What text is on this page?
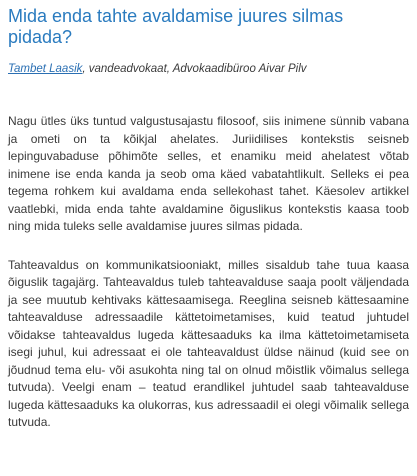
Mida enda tahte avaldamise juures silmas pidada?

Tambet Laasik, vandeadvokaat, Advokaadibüroo Aivar Pilv

Nagu ütles üks tuntud valgustusajastu filosoof, siis inimene sünnib vabana ja ometi on ta kõikjal ahelates. Juriidilises kontekstis seisneb lepinguvabaduse põhimõte selles, et enamiku meid ahelatest võtab inimene ise enda kanda ja seob oma käed vabatahtlikult. Selleks ei pea tegema rohkem kui avaldama enda sellekohast tahet. Käesolev artikkel vaatlebki, mida enda tahte avaldamine õiguslikus kontekstis kaasa toob ning mida tuleks selle avaldamise juures silmas pidada.

Tahteavaldus on kommunikatsiooniakt, milles sisaldub tahe tuua kaasa õiguslik tagajärg. Tahteavaldus tuleb tahteavalduse saaja poolt väljendada ja see muutub kehtivaks kättesaamisega. Reeglina seisneb kättesaamine tahteavalduse adressaadile kättetoimetamises, kuid teatud juhtudel võidakse tahteavaldus lugeda kättesaaduks ka ilma kättetoimetamiseta isegi juhul, kui adressaat ei ole tahteavaldust üldse näinud (kuid see on jõudnud tema elu- või asukohta ning tal on olnud mõistlik võimalus sellega tutvuda). Veelgi enam – teatud erandlikel juhtudel saab tahteavalduse lugeda kättesaaduks ka olukorras, kus adressaadil ei olegi võimalik sellega tutvuda.
